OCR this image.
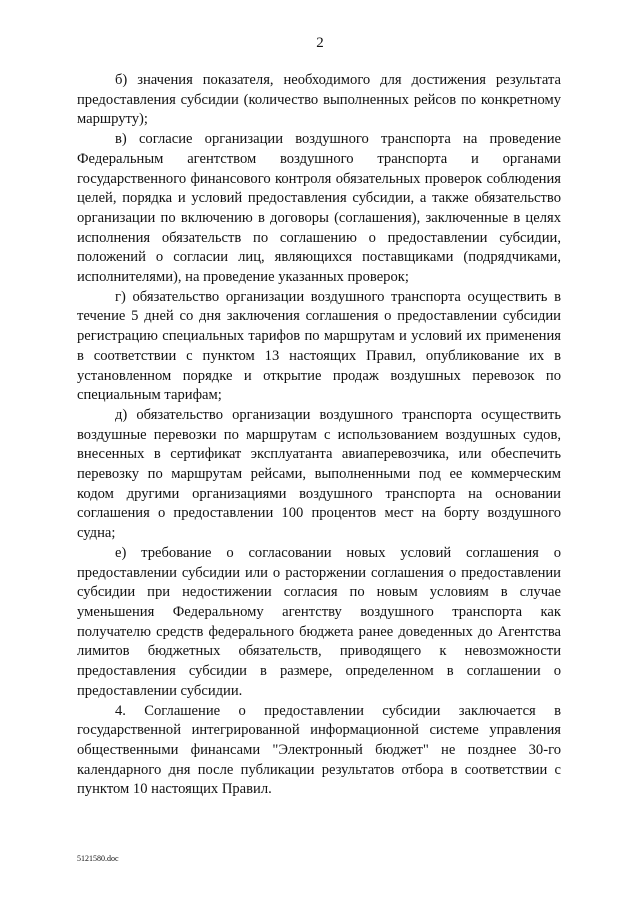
2

б) значения показателя, необходимого для достижения результата предоставления субсидии (количество выполненных рейсов по конкретному маршруту);

в) согласие организации воздушного транспорта на проведение Федеральным агентством воздушного транспорта и органами государственного финансового контроля обязательных проверок соблюдения целей, порядка и условий предоставления субсидии, а также обязательство организации по включению в договоры (соглашения), заключенные в целях исполнения обязательств по соглашению о предоставлении субсидии, положений о согласии лиц, являющихся поставщиками (подрядчиками, исполнителями), на проведение указанных проверок;

г) обязательство организации воздушного транспорта осуществить в течение 5 дней со дня заключения соглашения о предоставлении субсидии регистрацию специальных тарифов по маршрутам и условий их применения в соответствии с пунктом 13 настоящих Правил, опубликование их в установленном порядке и открытие продаж воздушных перевозок по специальным тарифам;

д) обязательство организации воздушного транспорта осуществить воздушные перевозки по маршрутам с использованием воздушных судов, внесенных в сертификат эксплуатанта авиаперевозчика, или обеспечить перевозку по маршрутам рейсами, выполненными под ее коммерческим кодом другими организациями воздушного транспорта на основании соглашения о предоставлении 100 процентов мест на борту воздушного судна;

е) требование о согласовании новых условий соглашения о предоставлении субсидии или о расторжении соглашения о предоставлении субсидии при недостижении согласия по новым условиям в случае уменьшения Федеральному агентству воздушного транспорта как получателю средств федерального бюджета ранее доведенных до Агентства лимитов бюджетных обязательств, приводящего к невозможности предоставления субсидии в размере, определенном в соглашении о предоставлении субсидии.

4. Соглашение о предоставлении субсидии заключается в государственной интегрированной информационной системе управления общественными финансами "Электронный бюджет" не позднее 30-го календарного дня после публикации результатов отбора в соответствии с пунктом 10 настоящих Правил.

5121580.doc
